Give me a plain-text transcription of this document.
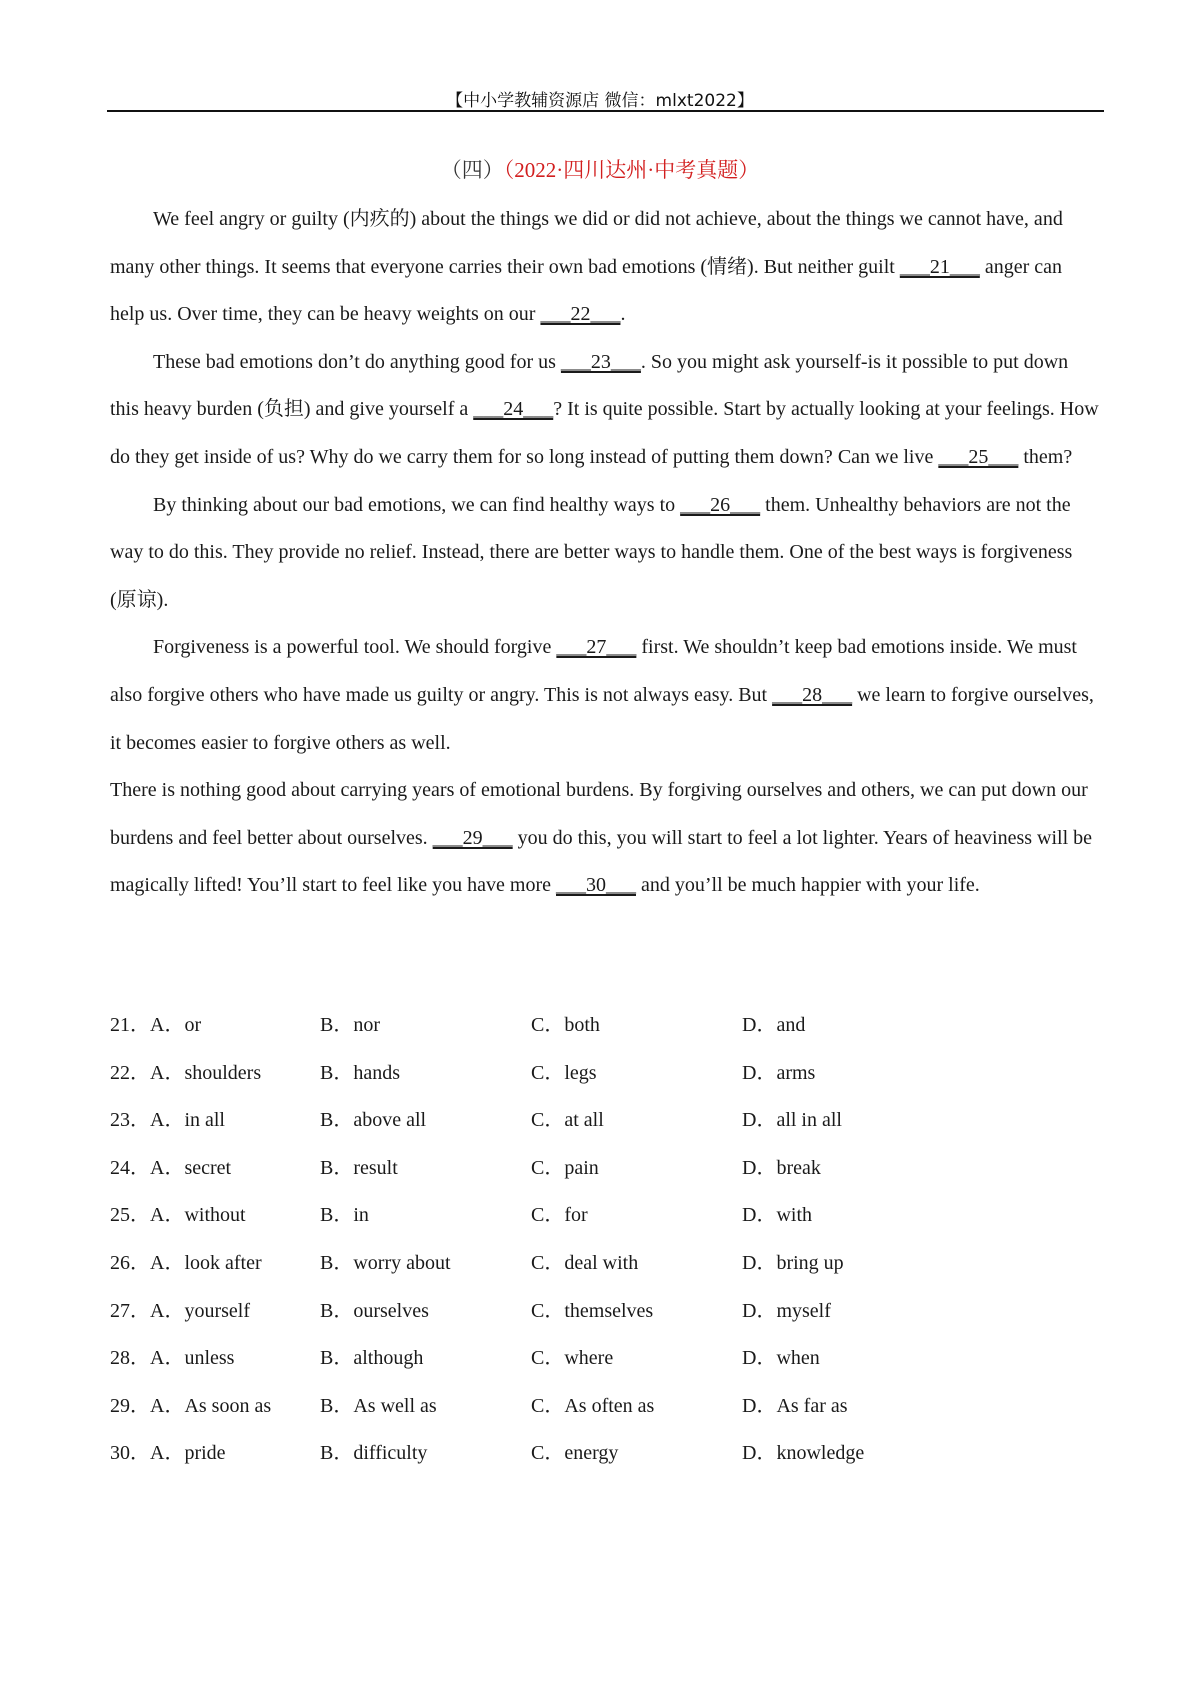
【中小学教辅资源店 微信：mlxt2022】
（四）（2022·四川达州·中考真题）

We feel angry or guilty (内疚的) about the things we did or did not achieve, about the things we cannot have, and many other things. It seems that everyone carries their own bad emotions (情绪). But neither guilt ___21___ anger can help us. Over time, they can be heavy weights on our ___22___.

These bad emotions don’t do anything good for us ___23___. So you might ask yourself-is it possible to put down this heavy burden (负担) and give yourself a ___24___? It is quite possible. Start by actually looking at your feelings. How do they get inside of us? Why do we carry them for so long instead of putting them down? Can we live ___25___ them?

By thinking about our bad emotions, we can find healthy ways to ___26___ them. Unhealthy behaviors are not the way to do this. They provide no relief. Instead, there are better ways to handle them. One of the best ways is forgiveness (原谅).

Forgiveness is a powerful tool. We should forgive ___27___ first. We shouldn’t keep bad emotions inside. We must also forgive others who have made us guilty or angry. This is not always easy. But ___28___ we learn to forgive ourselves, it becomes easier to forgive others as well.

There is nothing good about carrying years of emotional burdens. By forgiving ourselves and others, we can put down our burdens and feel better about ourselves. ___29___ you do this, you will start to feel a lot lighter. Years of heaviness will be magically lifted! You’ll start to feel like you have more ___30___ and you’ll be much happier with your life.

21．A．or	B．nor	C．both	D．and
22．A．shoulders	B．hands	C．legs	D．arms
23．A．in all	B．above all	C．at all	D．all in all
24．A．secret	B．result	C．pain	D．break
25．A．without	B．in	C．for	D．with
26．A．look after	B．worry about	C．deal with	D．bring up
27．A．yourself	B．ourselves	C．themselves	D．myself
28．A．unless	B．although	C．where	D．when
29．A．As soon as	B．As well as	C．As often as	D．As far as
30．A．pride	B．difficulty	C．energy	D．knowledge
